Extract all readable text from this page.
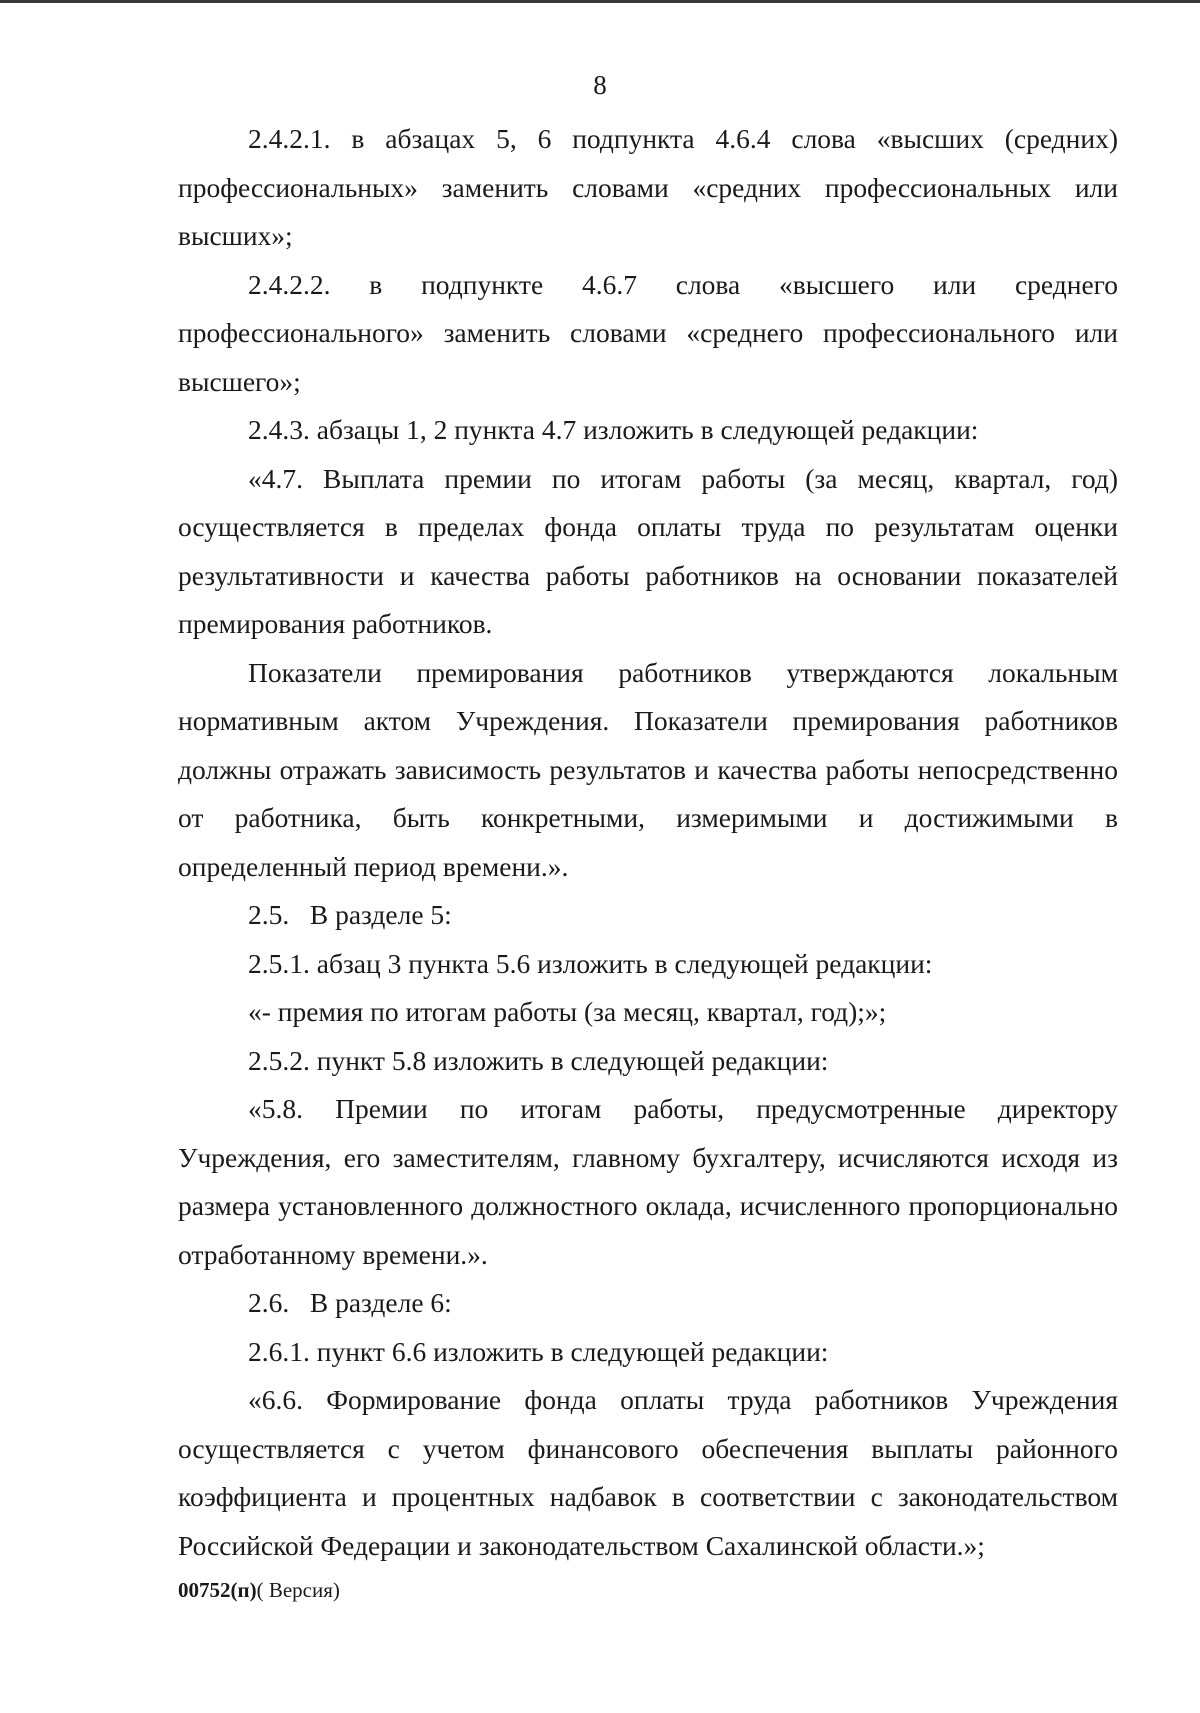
8

2.4.2.1. в абзацах 5, 6 подпункта 4.6.4 слова «высших (средних) профессиональных» заменить словами «средних профессиональных или высших»;

2.4.2.2. в подпункте 4.6.7 слова «высшего или среднего профессионального» заменить словами «среднего профессионального или высшего»;

2.4.3. абзацы 1, 2 пункта 4.7 изложить в следующей редакции:

«4.7. Выплата премии по итогам работы (за месяц, квартал, год) осуществляется в пределах фонда оплаты труда по результатам оценки результативности и качества работы работников на основании показателей премирования работников.

Показатели премирования работников утверждаются локальным нормативным актом Учреждения. Показатели премирования работников должны отражать зависимость результатов и качества работы непосредственно от работника, быть конкретными, измеримыми и достижимыми в определенный период времени.».

2.5.   В разделе 5:

2.5.1. абзац 3 пункта 5.6 изложить в следующей редакции:

«- премия по итогам работы (за месяц, квартал, год);»;

2.5.2. пункт 5.8 изложить в следующей редакции:

«5.8. Премии по итогам работы, предусмотренные директору Учреждения, его заместителям, главному бухгалтеру, исчисляются исходя из размера установленного должностного оклада, исчисленного пропорционально отработанному времени.».

2.6.   В разделе 6:

2.6.1. пункт 6.6 изложить в следующей редакции:

«6.6. Формирование фонда оплаты труда работников Учреждения осуществляется с учетом финансового обеспечения выплаты районного коэффициента и процентных надбавок в соответствии с законодательством Российской Федерации и законодательством Сахалинской области.»;

00752(п)( Версия)
